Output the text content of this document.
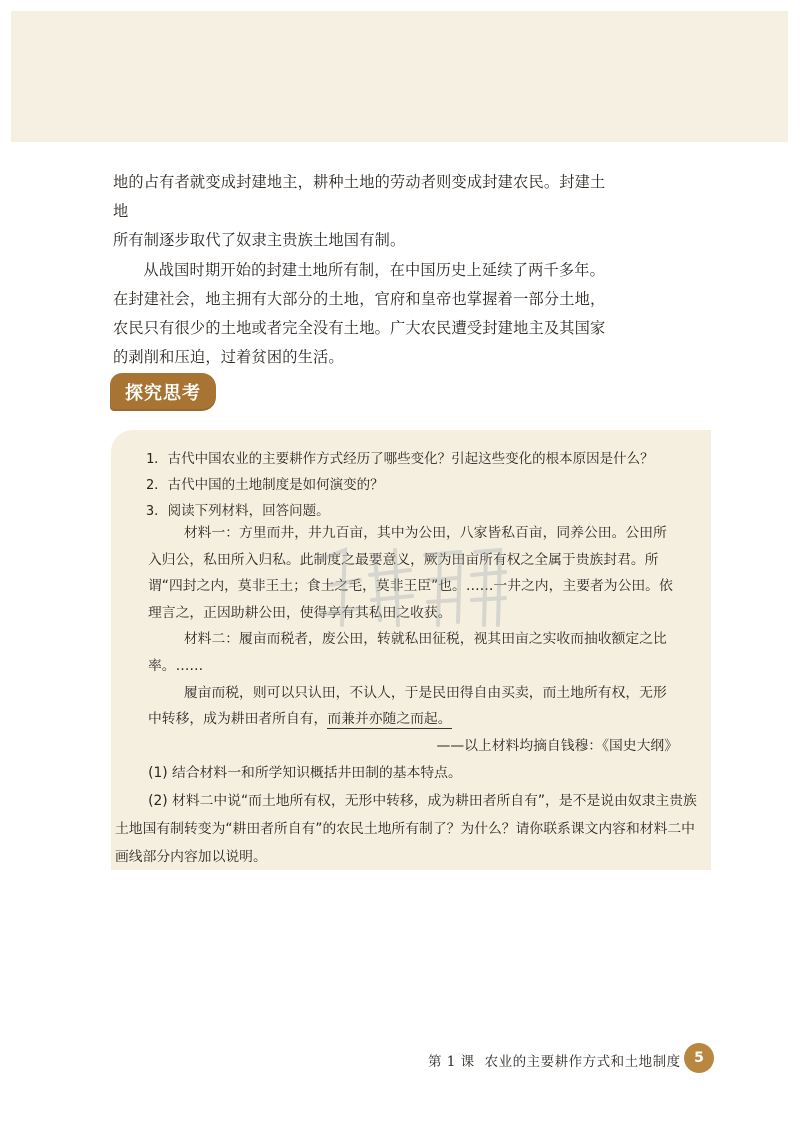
地的占有者就变成封建地主，耕种土地的劳动者则变成封建农民。封建土地

所有制逐步取代了奴隶主贵族土地国有制。

从战国时期开始的封建土地所有制，在中国历史上延续了两千多年。在封建社会，地主拥有大部分的土地，官府和皇帝也掌握着一部分土地，农民只有很少的土地或者完全没有土地。广大农民遭受封建地主及其国家的剥削和压迫，过着贫困的生活。

探究思考

1．古代中国农业的主要耕作方式经历了哪些变化？引起这些变化的根本原因是什么？

2．古代中国的土地制度是如何演变的？

3．阅读下列材料，回答问题。

材料一：方里而井，井九百亩，其中为公田，八家皆私百亩，同养公田。公田所入归公，私田所入归私。此制度之最要意义，厥为田亩所有权之全属于贵族封君。所谓“四封之内，莫非王土；食土之毛，莫非王臣”也。……一井之内，主要者为公田。依理言之，正因助耕公田，使得享有其私田之收获。

材料二：履亩而税者，废公田，转就私田征税，视其田亩之实收而抽收额定之比率。……

履亩而税，则可以只认田，不认人，于是民田得自由买卖，而土地所有权，无形中转移，成为耕田者所自有，而兼并亦随之而起。

——以上材料均摘自钱穆：《国史大纲》

(1) 结合材料一和所学知识概括井田制的基本特点。

(2) 材料二中说“而土地所有权，无形中转移，成为耕田者所自有”，是不是说由奴隶主贵族土地国有制转变为“耕田者所自有”的农民土地所有制了？为什么？请你联系课文内容和材料二中画线部分内容加以说明。

第 1 课 农业的主要耕作方式和土地制度 5
